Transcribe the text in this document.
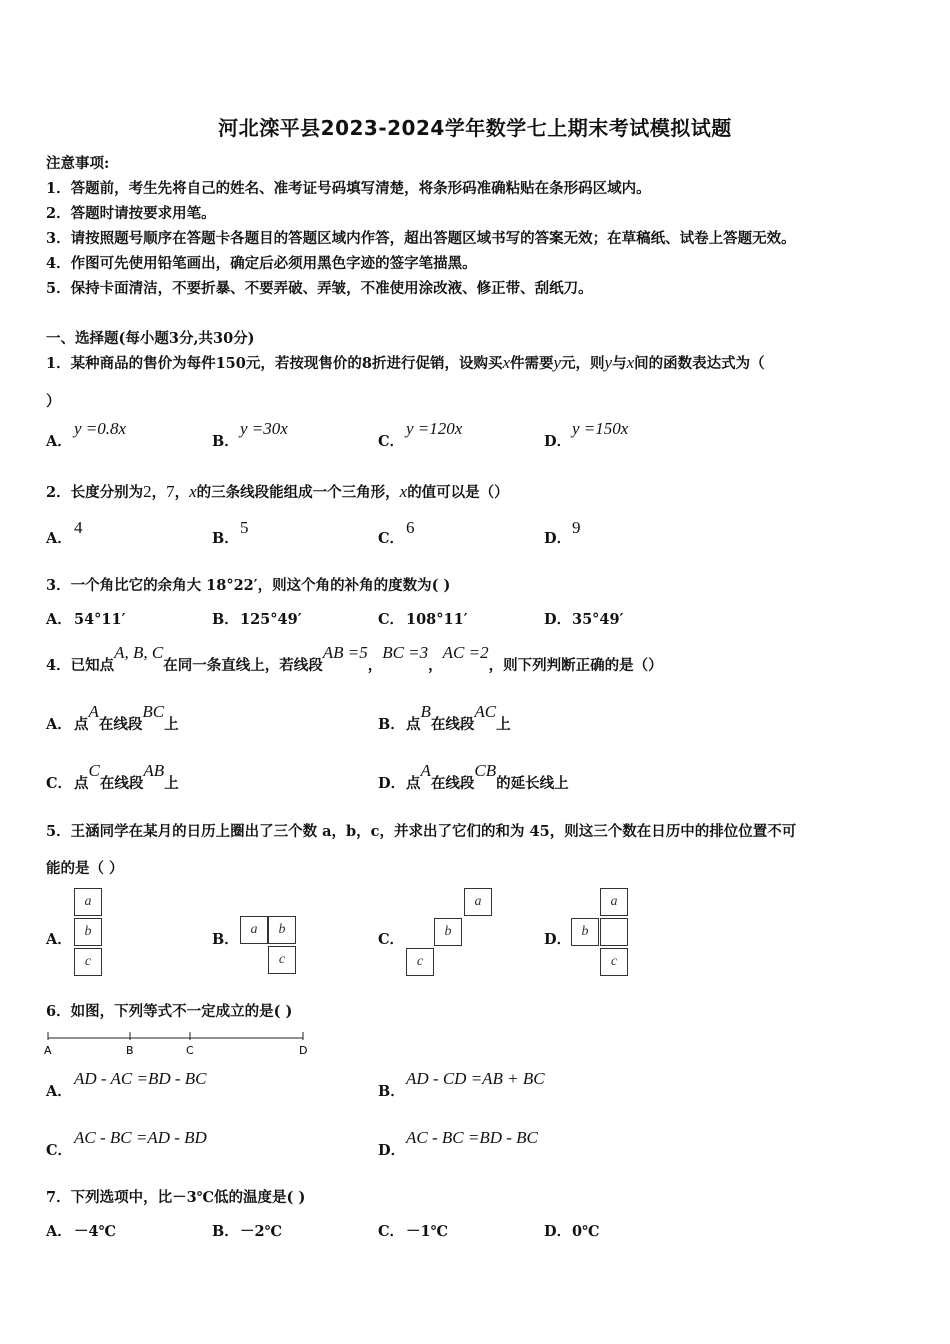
河北滦平县2023-2024学年数学七上期末考试模拟试题
注意事项:
1．答题前，考生先将自己的姓名、准考证号码填写清楚，将条形码准确粘贴在条形码区域内。
2．答题时请按要求用笔。
3．请按照题号顺序在答题卡各题目的答题区域内作答，超出答题区域书写的答案无效；在草稿纸、试卷上答题无效。
4．作图可先使用铅笔画出，确定后必须用黑色字迹的签字笔描黑。
5．保持卡面清洁，不要折暴、不要弄破、弄皱，不准使用涂改液、修正带、刮纸刀。
一、选择题(每小题3分,共30分)
1．某种商品的售价为每件150元，若按现售价的8折进行促销，设购买x件需要y元，则y与x间的函数表达式为（
）
A．y =0.8x
B．y =30x
C．y =120x
D．y =150x
2．长度分别为2，7，x的三条线段能组成一个三角形，x的值可以是（）
A．4
B．5
C．6
D．9
3．一个角比它的余角大 18°22′，则这个角的补角的度数为( )
A． 54°11′	B．125°49′	C． 108°11′	D．35°49′
4．已知点A, B, C在同一条直线上，若线段AB =5，BC =3，AC =2，则下列判断正确的是（）
A． 点A在线段BC上	B．点B在线段AC上
C． 点C在线段AB上	D．点A在线段CB的延长线上
5．王涵同学在某月的日历上圈出了三个数 a，b，c，并求出了它们的和为 45，则这三个数在日历中的排位位置不可
能的是（ ）
A．
a
b
c
B．
a	b
c
C．
a
b
c
D．
a
b
c
6．如图，下列等式不一定成立的是( )
A	B	C	D
A．AD - AC =BD - BC
B．AD - CD =AB + BC
C．AC - BC =AD - BD
D．AC - BC =BD - BC
7．下列选项中，比－3℃低的温度是( )
A． －4℃	B．－2℃	C． －1℃	D．0℃
